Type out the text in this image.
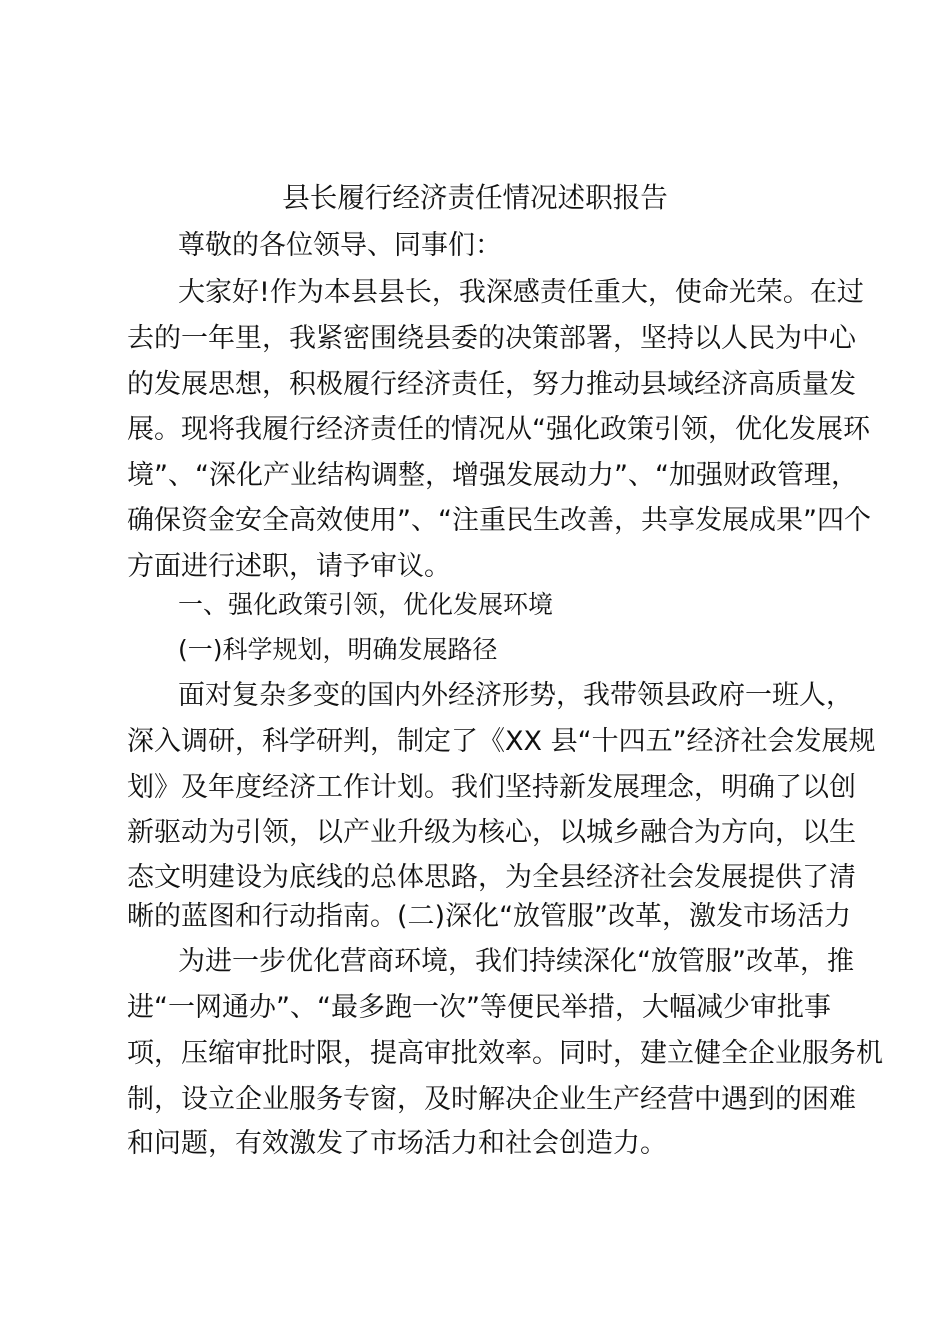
县长履行经济责任情况述职报告
尊敬的各位领导、同事们：
大家好!作为本县县长，我深感责任重大，使命光荣。在过
去的一年里，我紧密围绕县委的决策部署，坚持以人民为中心
的发展思想，积极履行经济责任，努力推动县域经济高质量发
展。现将我履行经济责任的情况从“强化政策引领，优化发展环
境”、“深化产业结构调整，增强发展动力”、“加强财政管理，
确保资金安全高效使用”、“注重民生改善，共享发展成果”四个
方面进行述职，请予审议。
一、强化政策引领，优化发展环境
(一)科学规划，明确发展路径
面对复杂多变的国内外经济形势，我带领县政府一班人，
深入调研，科学研判，制定了《XX 县“十四五”经济社会发展规
划》及年度经济工作计划。我们坚持新发展理念，明确了以创
新驱动为引领，以产业升级为核心，以城乡融合为方向，以生
态文明建设为底线的总体思路，为全县经济社会发展提供了清
晰的蓝图和行动指南。(二)深化“放管服”改革，激发市场活力
为进一步优化营商环境，我们持续深化“放管服”改革，推
进“一网通办”、“最多跑一次”等便民举措，大幅减少审批事
项，压缩审批时限，提高审批效率。同时，建立健全企业服务机
制，设立企业服务专窗，及时解决企业生产经营中遇到的困难
和问题，有效激发了市场活力和社会创造力。
